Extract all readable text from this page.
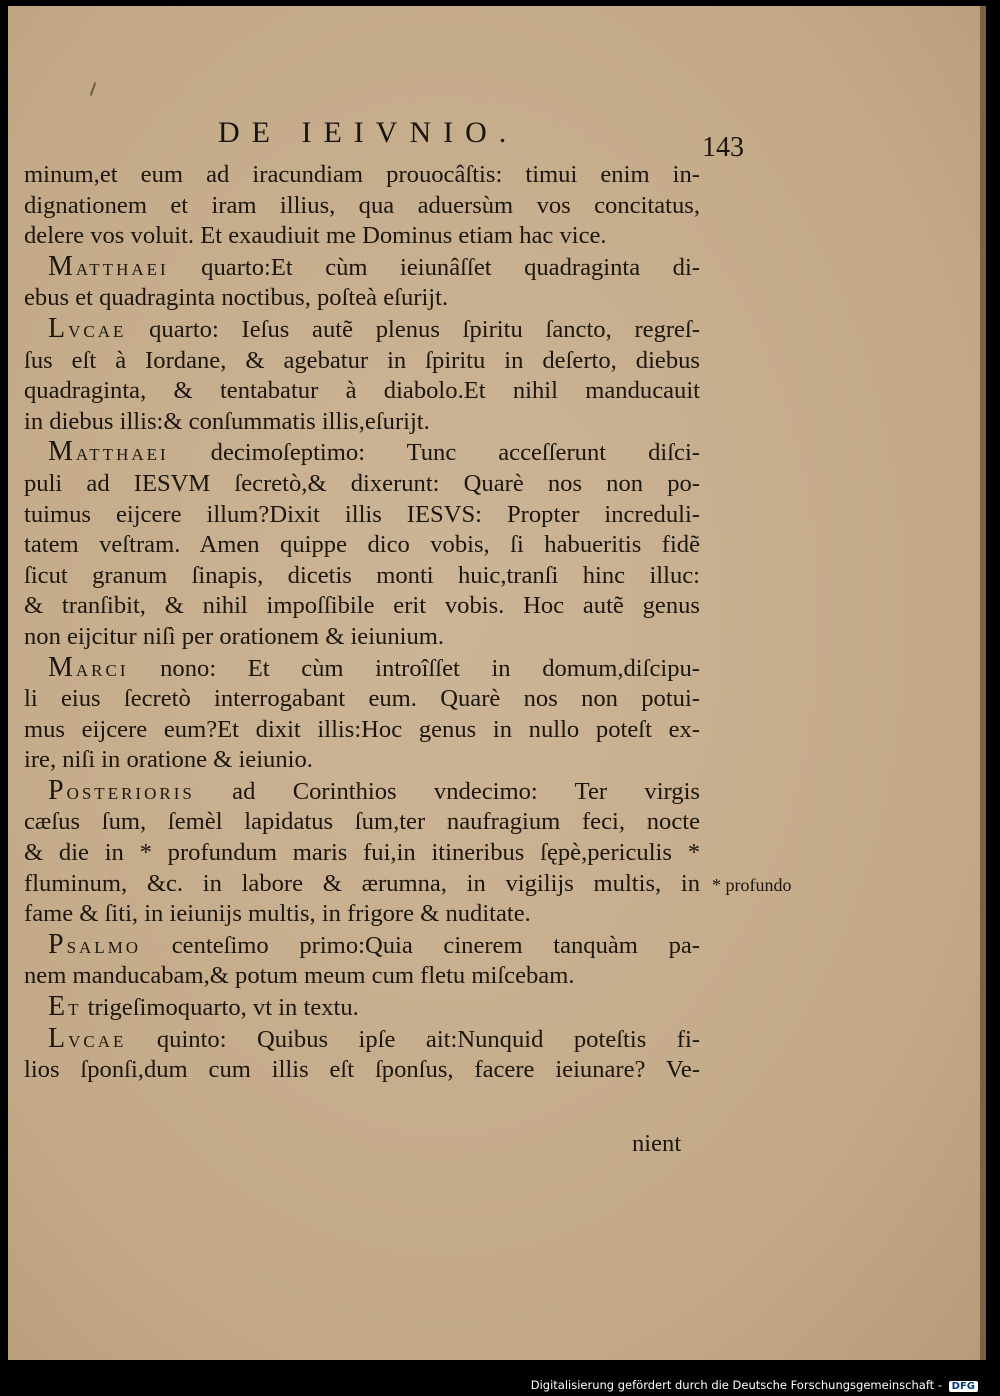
DE IEIVNIO.	143
minum,et eum ad iracundiam prouocâſtis: timui enim in-
dignationem et iram illius, qua aduersùm vos concitatus,
delere vos voluit. Et exaudiuit me Dominus etiam hac vice.
Matthaei quarto:Et cùm ieiunâſſet quadraginta di-
ebus et quadraginta noctibus, poſteà eſurijt.
Lvcae quarto: Ieſus autẽ plenus ſpiritu ſancto, regreſ-
ſus eſt à Iordane, & agebatur in ſpiritu in deſerto, diebus
quadraginta, & tentabatur à diabolo.Et nihil manducauit
in diebus illis:& conſummatis illis,eſurijt.
Matthaei decimoſeptimo: Tunc acceſſerunt diſci-
puli ad IESVM ſecretò,& dixerunt: Quarè nos non po-
tuimus eijcere illum?Dixit illis IESVS: Propter increduli-
tatem veſtram. Amen quippe dico vobis, ſi habueritis fidẽ
ſicut granum ſinapis, dicetis monti huic,tranſi hinc illuc:
& tranſibit, & nihil impoſſibile erit vobis. Hoc autẽ genus
non eijcitur niſì per orationem & ieiunium.
Marci nono: Et cùm introîſſet in domum,diſcipu-
li eius ſecretò interrogabant eum. Quarè nos non potui-
mus eijcere eum?Et dixit illis:Hoc genus in nullo poteſt ex-
ire, niſi in oratione & ieiunio.
Posterioris ad Corinthios vndecimo: Ter virgis
cæſus ſum, ſemèl lapidatus ſum,ter naufragium feci, nocte
& die in * profundum maris fui,in itineribus ſępè,periculis *
fluminum, &c. in labore & ærumna, in vigilijs multis, in
fame & ſiti, in ieiunijs multis, in frigore & nuditate.
Psalmo centeſimo primo:Quia cinerem tanquàm pa-
nem manducabam,& potum meum cum fletu miſcebam.
Et trigeſimoquarto, vt in textu.
Lvcae quinto: Quibus ipſe ait:Nunquid poteſtis fi-
lios ſponſi,dum cum illis eſt ſponſus, facere ieiunare? Ve-
* profundo
nient
Digitalisierung gefördert durch die Deutsche Forschungsgemeinschaft - DFG
